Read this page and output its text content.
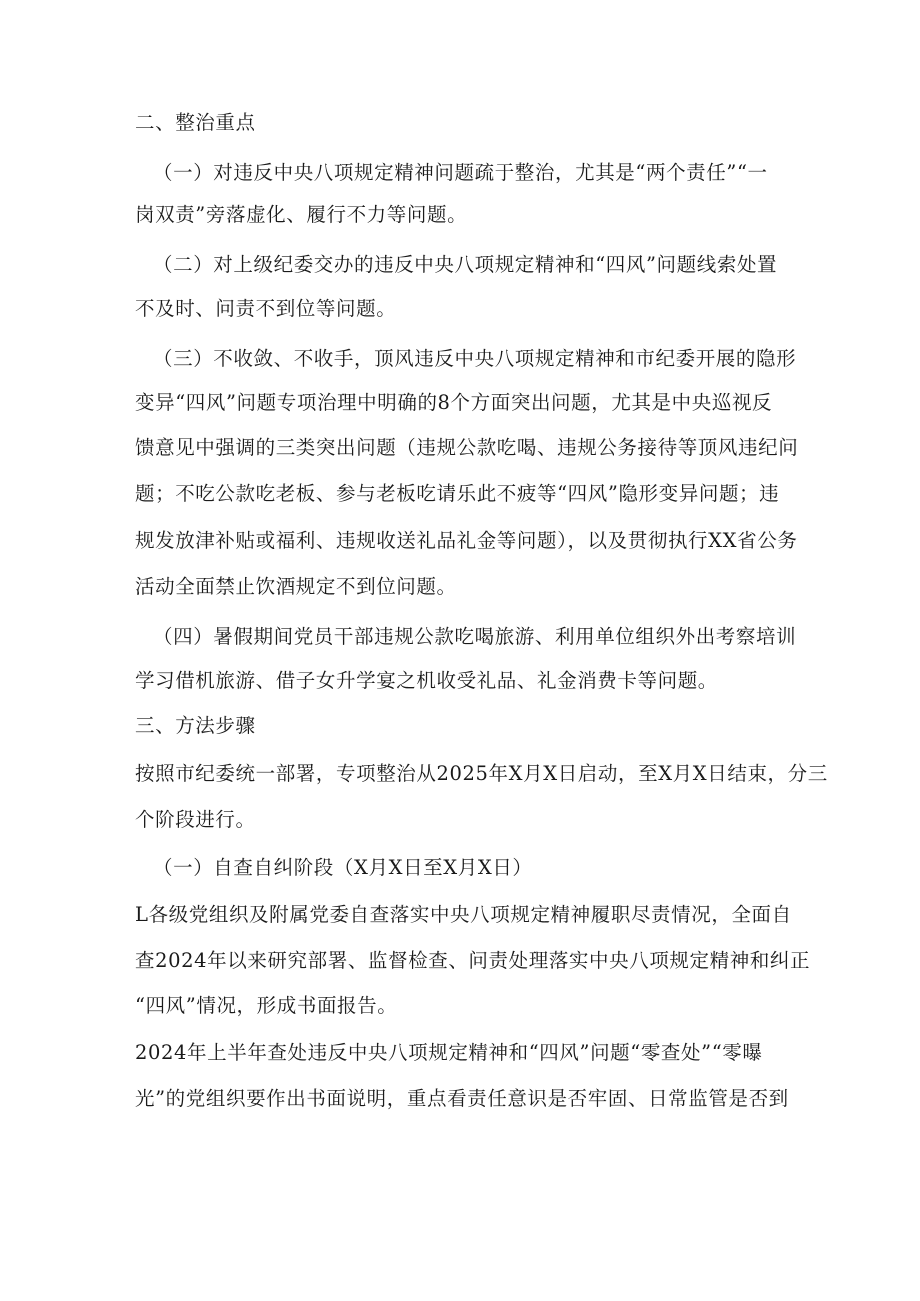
二、整治重点
（一）对违反中央八项规定精神问题疏于整治，尤其是“两个责任”“一
岗双责”旁落虚化、履行不力等问题。
（二）对上级纪委交办的违反中央八项规定精神和“四风”问题线索处置
不及时、问责不到位等问题。
（三）不收敛、不收手，顶风违反中央八项规定精神和市纪委开展的隐形
变异“四风”问题专项治理中明确的8个方面突出问题，尤其是中央巡视反
馈意见中强调的三类突出问题（违规公款吃喝、违规公务接待等顶风违纪问
题；不吃公款吃老板、参与老板吃请乐此不疲等“四风”隐形变异问题；违
规发放津补贴或福利、违规收送礼品礼金等问题），以及贯彻执行XX省公务
活动全面禁止饮酒规定不到位问题。
（四）暑假期间党员干部违规公款吃喝旅游、利用单位组织外出考察培训
学习借机旅游、借子女升学宴之机收受礼品、礼金消费卡等问题。
三、方法步骤
按照市纪委统一部署，专项整治从2025年X月X日启动，至X月X日结束，分三
个阶段进行。
（一）自查自纠阶段（X月X日至X月X日）
L各级党组织及附属党委自查落实中央八项规定精神履职尽责情况，全面自
查2024年以来研究部署、监督检查、问责处理落实中央八项规定精神和纠正
“四风”情况，形成书面报告。
2024年上半年查处违反中央八项规定精神和“四风”问题“零查处”“零曝
光”的党组织要作出书面说明，重点看责任意识是否牢固、日常监管是否到
